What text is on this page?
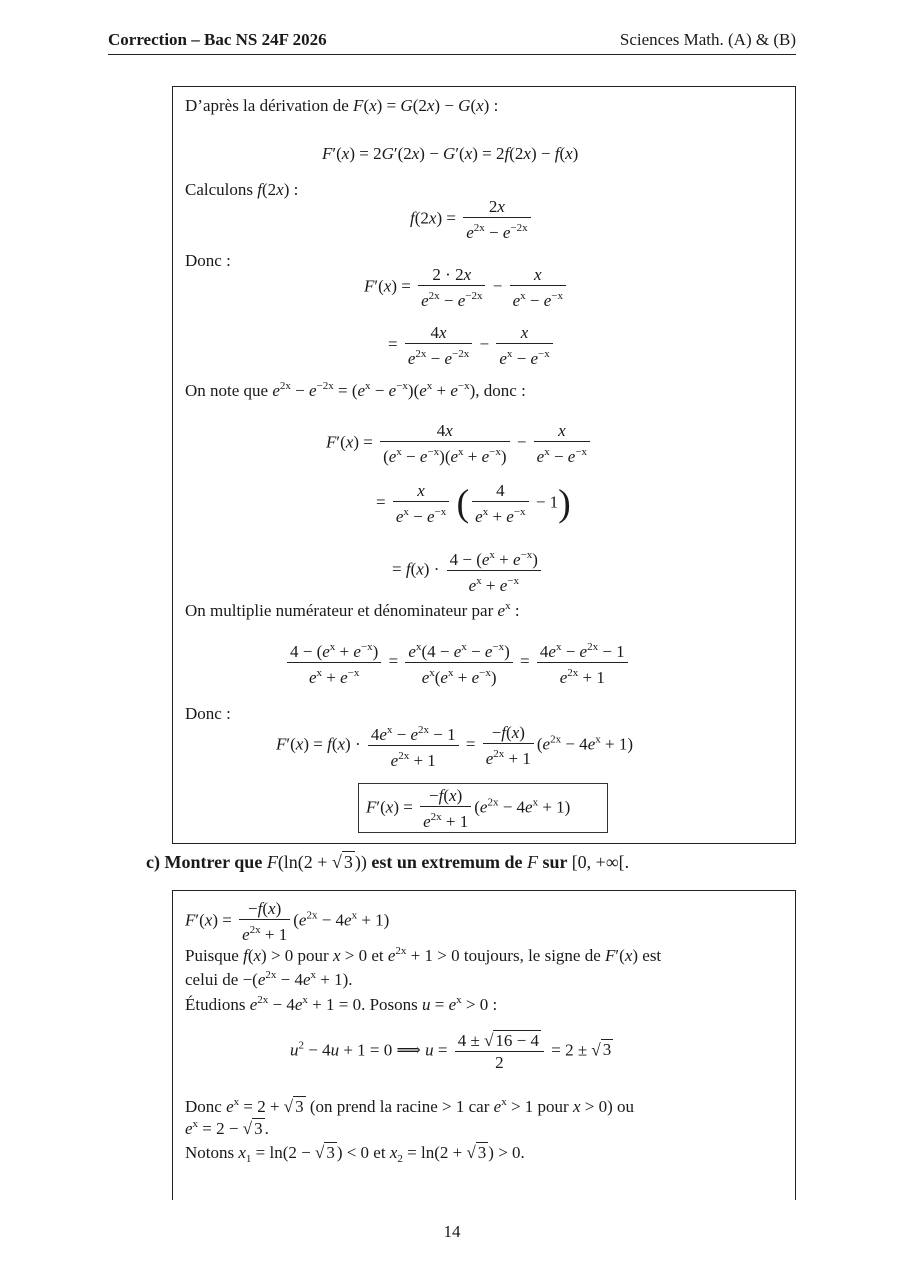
Correction – Bac NS 24F 2026	Sciences Math. (A) & (B)
D’après la dérivation de F(x) = G(2x) − G(x) :
F′(x) = 2G′(2x) − G′(x) = 2f(2x) − f(x)
Calculons f(2x) :
$f(2x) = \frac{2x}{e^{2x} - e^{-2x}}$
Donc :
$F'(x) = \frac{2 \cdot 2x}{e^{2x} - e^{-2x}} - \frac{x}{e^x - e^{-x}}$
= $\frac{4x}{e^{2x} - e^{-2x}} - \frac{x}{e^x - e^{-x}}$
On note que $e^{2x} - e^{-2x} = (e^x - e^{-x})(e^x + e^{-x})$, donc :
$F'(x) = \frac{4x}{(e^x - e^{-x})(e^x + e^{-x})} - \frac{x}{e^x - e^{-x}}$
= $\frac{x}{e^x - e^{-x}}$ ( $\frac{4}{e^x + e^{-x}} - 1$)
= $f(x) \cdot \frac{4 - (e^x + e^{-x})}{e^x + e^{-x}}$
On multiplie numérateur et dénominateur par $e^x$ :
$\frac{4 - (e^x + e^{-x})}{e^x + e^{-x}} = \frac{e^x(4 - e^x - e^{-x})}{e^x(e^x + e^{-x})} = \frac{4e^x - e^{2x} - 1}{e^{2x} + 1}$
Donc :
$F'(x) = f(x) \cdot \frac{4e^x - e^{2x} - 1}{e^{2x} + 1} = \frac{-f(x)}{e^{2x} + 1} (e^{2x} - 4e^x + 1)$
$F'(x) = \frac{-f(x)}{e^{2x} + 1} (e^{2x} - 4e^x + 1)$
c) Montrer que F(ln(2 + √ 3 )) est un extremum de F sur [0, +∞[.
$F'(x) = \frac{-f(x)}{e^{2x} + 1} (e^{2x} - 4e^x + 1)$
Puisque f(x) > 0 pour x > 0 et $e^{2x} + 1 > 0$ toujours, le signe de F′(x) est
celui de $-(e^{2x} - 4e^x + 1)$.
Étudions $e^{2x} - 4e^x + 1 = 0$. Posons $u = e^x > 0$ :
$u^2 - 4u + 1 = 0$ ⟹ $u = \frac{4 \pm √ 16 - 4}{2} = 2$ ± √ 3
Donc $e^x = 2$ + √ 3 (on prend la racine > 1 car $e^x > 1$ pour x > 0) ou
$e^x = 2$ − √ 3 .
Notons $x_1 = \ln(2$ − √ 3 ) < 0 et $x_2 = \ln(2$ + √ 3 ) > 0.
14
